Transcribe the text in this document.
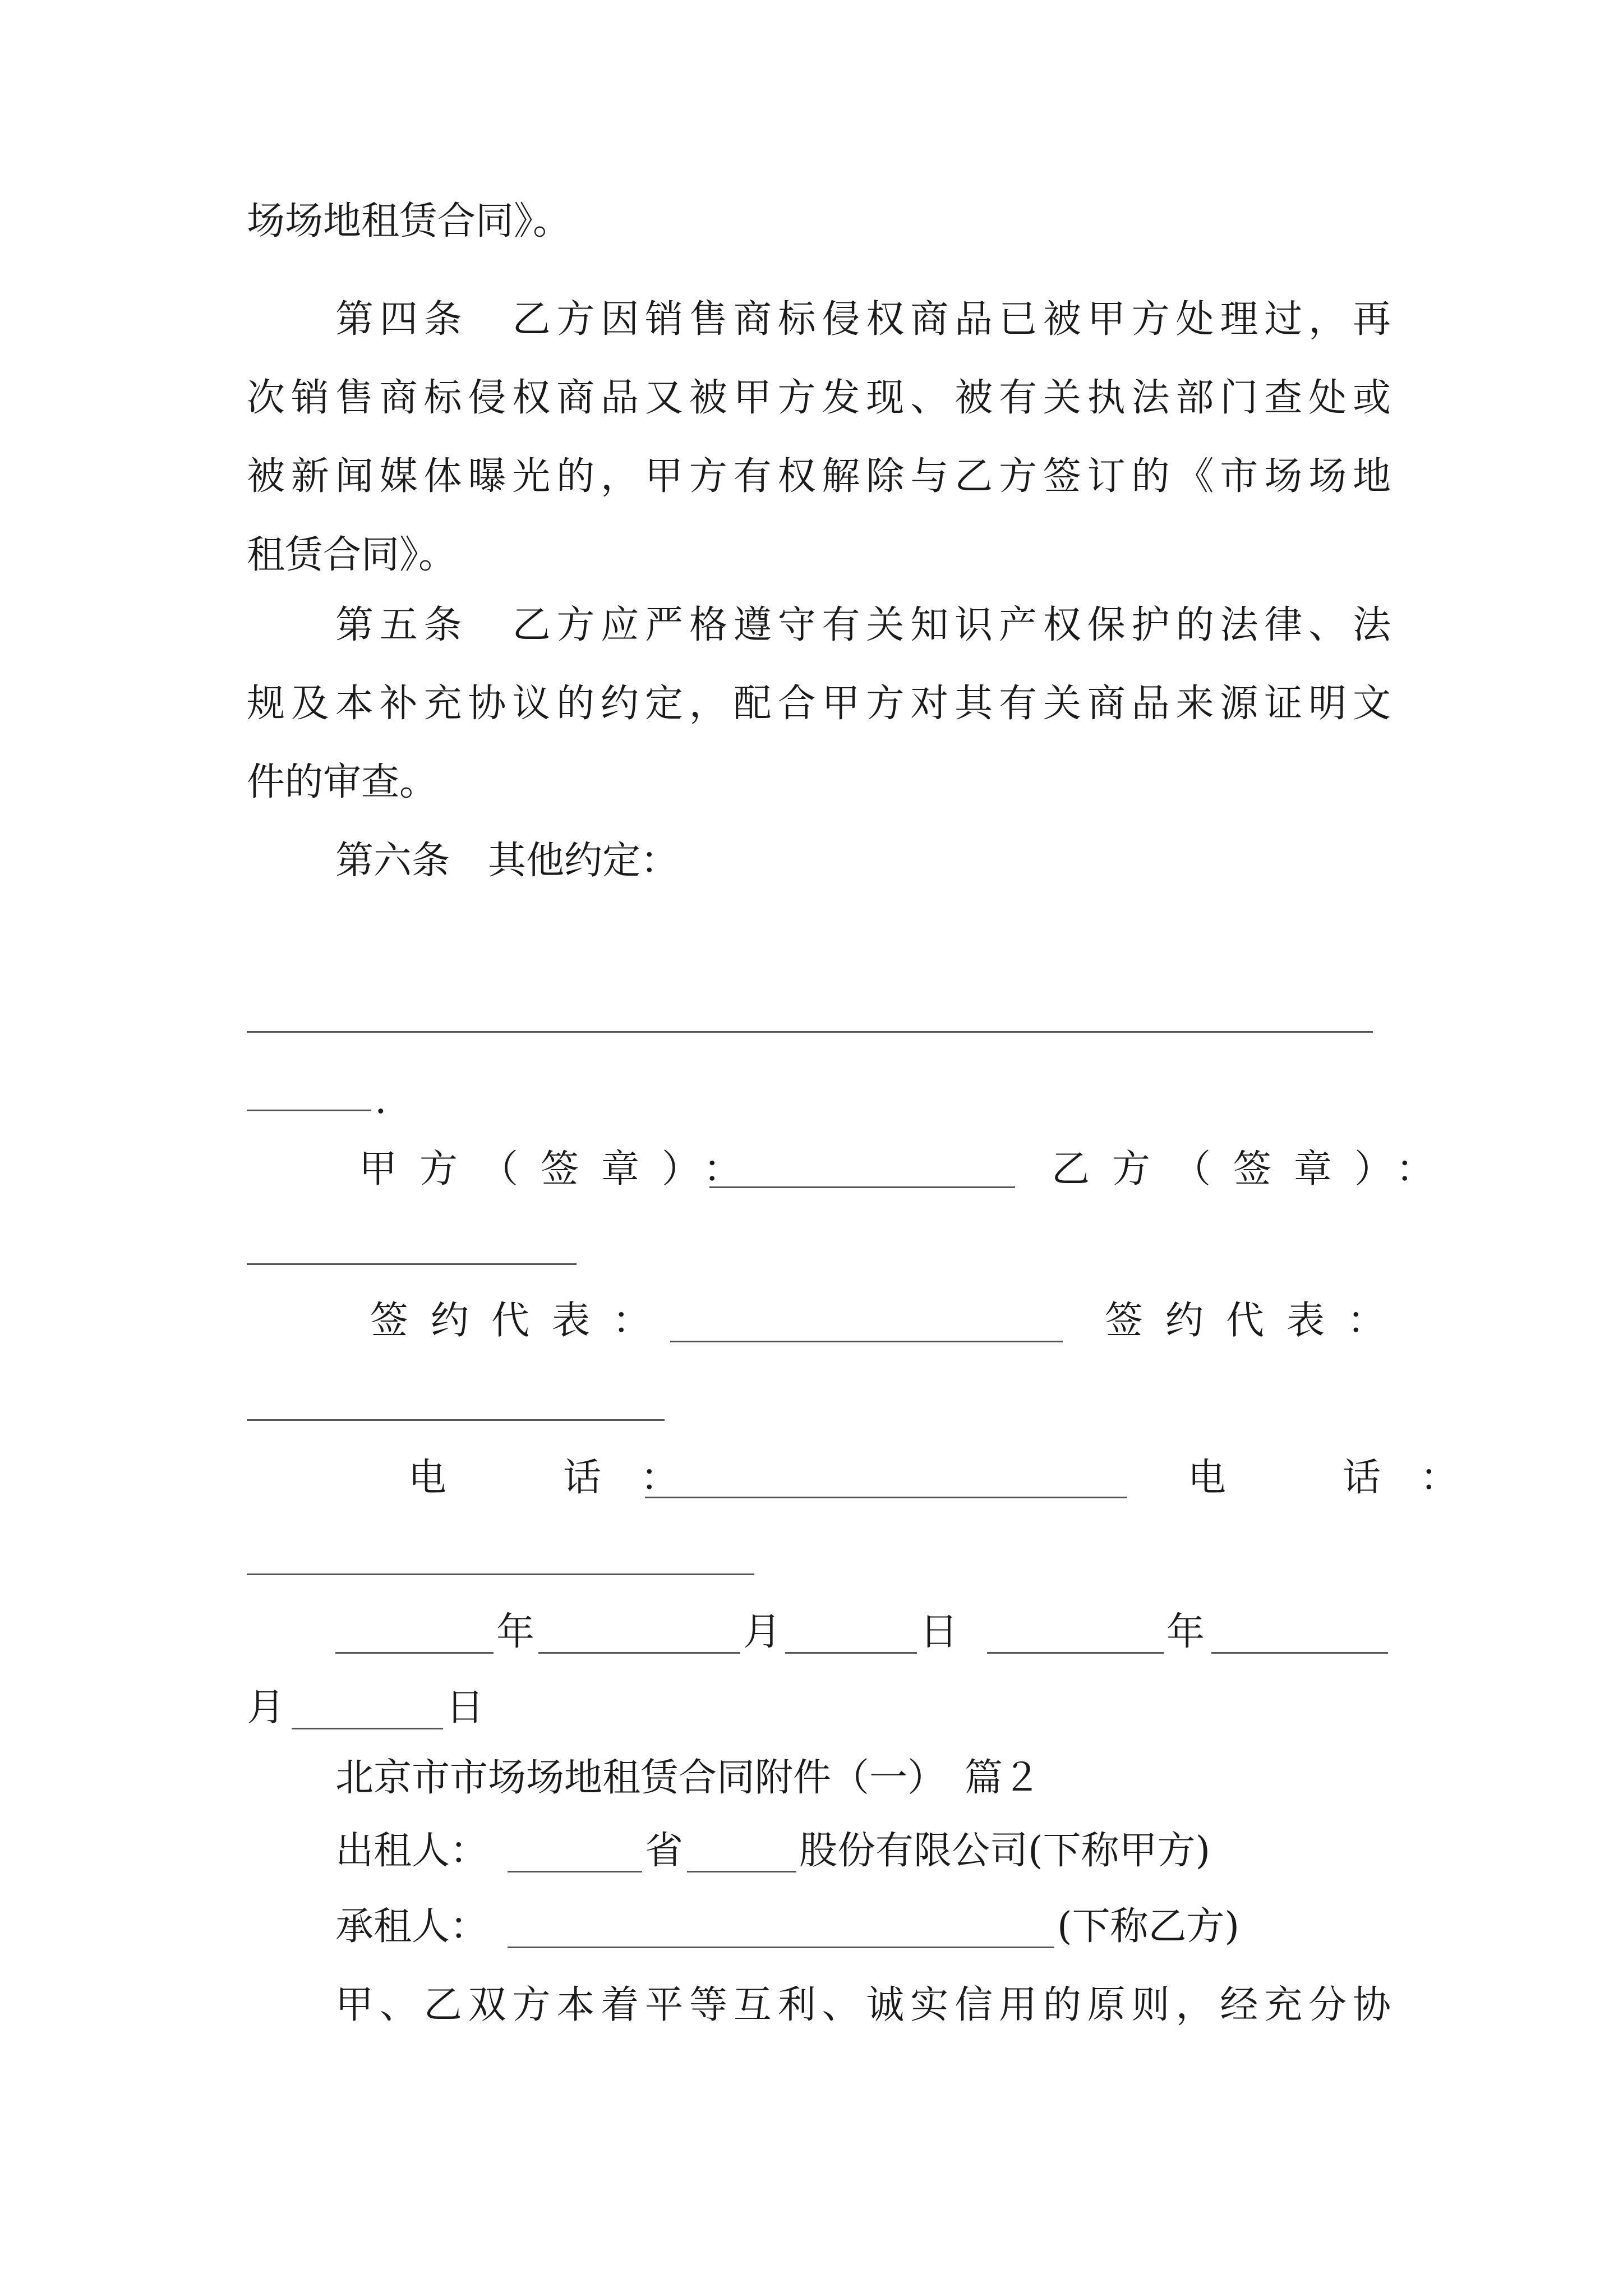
场场地租赁合同》。
第四条　乙方因销售商标侵权商品已被甲方处理过，再
次销售商标侵权商品又被甲方发现、被有关执法部门查处或
被新闻媒体曝光的，甲方有权解除与乙方签订的《市场场地
租赁合同》。
第五条　乙方应严格遵守有关知识产权保护的法律、法
规及本补充协议的约定，配合甲方对其有关商品来源证明文
件的审查。
第六条　其他约定：
.
甲方（签章）：	乙方（签章）：
签约代表：	签约代表：
电　话：	电　话：
年	月	日	年
月	日
北京市市场场地租赁合同附件（一）　篇２
出租人：	省	股份有限公司(下称甲方)
承租人：	(下称乙方)
甲、乙双方本着平等互利、诚实信用的原则，经充分协
